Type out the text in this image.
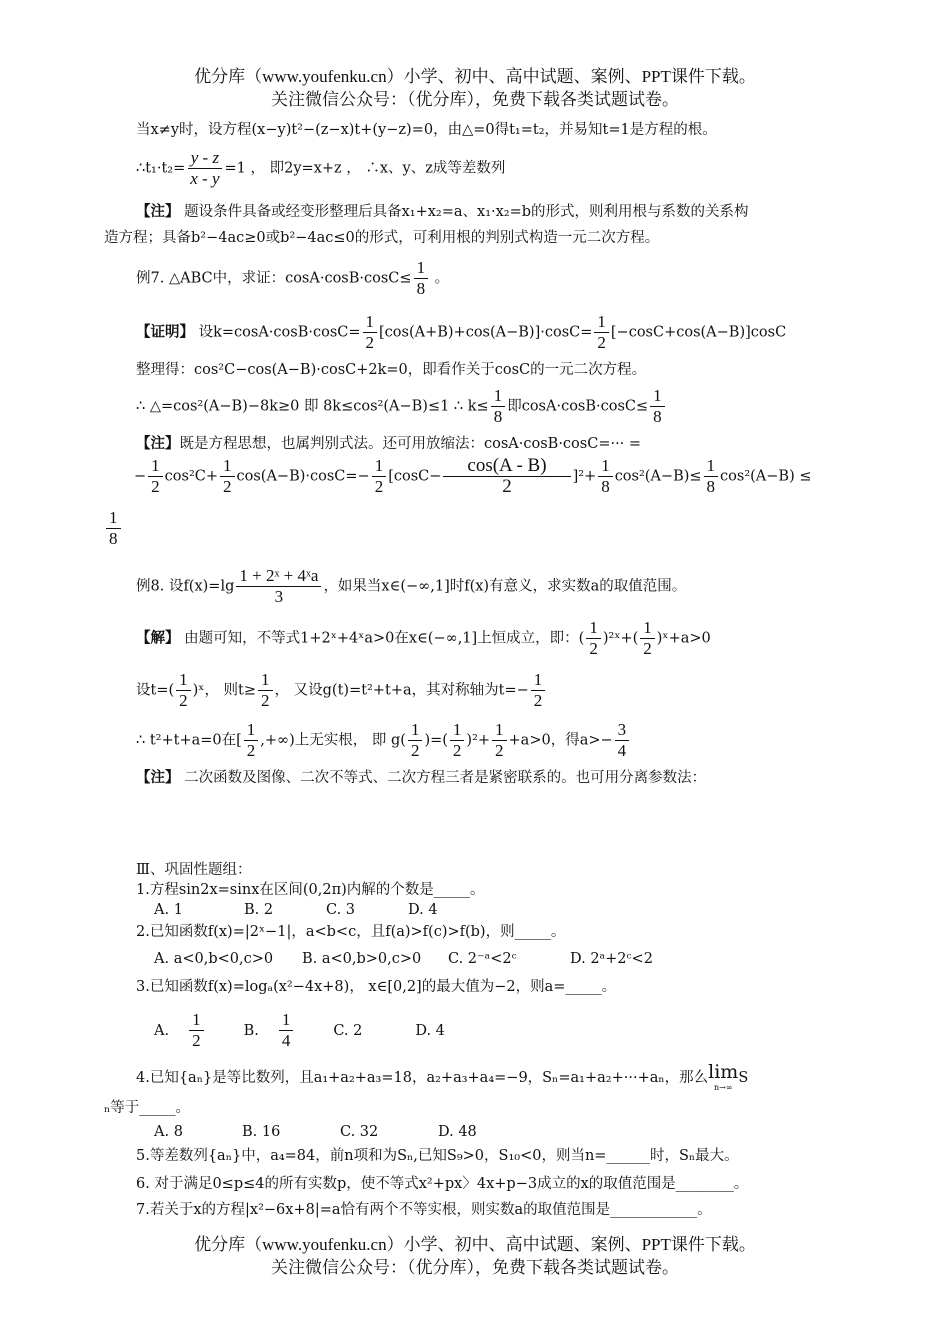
优分库（www.youfenku.cn）小学、初中、高中试题、案例、PPT课件下载。
关注微信公众号：（优分库），免费下载各类试题试卷。
当x≠y时，设方程(x−y)t²−(z−x)t+(y−z)=0，由△=0得t₁=t₂，并易知t=1是方程的根。
∴t₁·t₂= $\frac{y - z}{x - y} =1$ ， 即2y=x+z ， ∴x、y、z成等差数列
【注】 题设条件具备或经变形整理后具备x₁+x₂=a、x₁·x₂=b的形式，则利用根与系数的关系构
造方程；具备b²−4ac≥0或b²−4ac≤0的形式，可利用根的判别式构造一元二次方程。
例7. △ABC中，求证：$\cos A\cdot\cos B\cdot\cos C\le \frac{1}{8}$ 。
【证明】 设$k=\cos A\cdot\cos B\cdot\cos C= \frac{1}{2} [\cos(A+B)+\cos(A-B)]\cdot\cos C= \frac{1}{2} [-\cos C+\cos(A-B)]\cos C$
整理得：cos²C−cos(A−B)·cosC+2k=0，即看作关于cosC的一元二次方程。
∴ △=cos²(A−B)−8k≥0 即 8k≤cos²(A−B)≤1 ∴ $k\le \frac{1}{8}$ 即$\cos A\cdot\cos B\cdot\cos C\le \frac{1}{8}$
【注】既是方程思想，也属判别式法。还可用放缩法：cosA·cosB·cosC=··· =
− $\frac{1}{2} \cos^2C+ \frac{1}{2} \cos(A-B)\cdot\cos C=- \frac{1}{2} [\cos C- \frac{\cos(A - B)}{2} ]^2+ \frac{1}{8} \cos^2(A-B)\le \frac{1}{8} \cos^2(A-B)$ ≤
$\frac{1}{8}$
例8. 设$f(x)=\lg \frac{\text{1 + 2ˣ + 4ˣa}}{3}$ ，如果当x∈(−∞,1]时f(x)有意义，求实数a的取值范围。
【解】 由题可知，不等式1+2ˣ+4ˣa>0在x∈(−∞,1]上恒成立，即：( $\frac{1}{2}$ )²ˣ+( $\frac{1}{2}$ )ˣ+a>0
设$t=( \frac{1}{2}$ )ˣ， 则$t\ge \frac{1}{2}$ ， 又设g(t)=t²+t+a，其对称轴为$t=- \frac{1}{2}$
∴ t²+t+a=0在[ $\frac{1}{2}$ ,+∞)上无实根， 即 $g( \frac{1}{2}$ )=( $\frac{1}{2} )^2+ \frac{1}{2} +a>0$，得$a>- \frac{3}{4}$
【注】 二次函数及图像、二次不等式、二次方程三者是紧密联系的。也可用分离参数法：
Ⅲ、巩固性题组：
1.方程sin2x=sinx在区间(0,2π)内解的个数是_____。
A. 1	B. 2	C. 3	D. 4
2.已知函数f(x)=|2ˣ−1|，a<b<c，且f(a)>f(c)>f(b)，则_____。
A. a<0,b<0,c>0 B. a<0,b>0,c>0 C. 2⁻ᵃ<2ᶜ	D. 2ᵃ+2ᶜ<2
3.已知函数f(x)=logₐ(x²−4x+8)， x∈[0,2]的最大值为−2，则a=_____。
A. $\frac{1}{2}$	B. $\frac{1}{4}$	C. 2	D. 4
4.已知{aₙ}是等比数列，且a₁+a₂+a₃=18，a₂+a₃+a₄=−9，Sₙ=a₁+a₂+···+aₙ，那么 lim
n→∞
S
ₙ等于_____。
A. 8	B. 16	C. 32	D. 48
5.等差数列{aₙ}中，a₄=84，前n项和为Sₙ,已知S₉>0，S₁₀<0，则当n=______时，Sₙ最大。
6. 对于满足0≤p≤4的所有实数p，使不等式x²+px〉4x+p−3成立的x的取值范围是________。
7.若关于x的方程|x²−6x+8|=a恰有两个不等实根，则实数a的取值范围是____________。
优分库（www.youfenku.cn）小学、初中、高中试题、案例、PPT课件下载。
关注微信公众号：（优分库），免费下载各类试题试卷。
